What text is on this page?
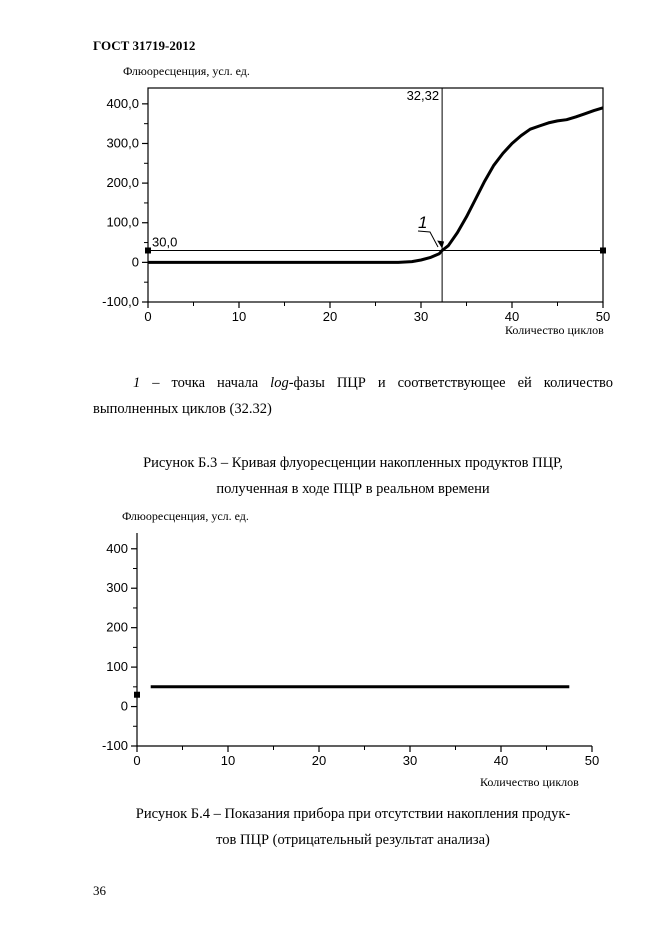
ГОСТ 31719-2012
Флюоресценция, усл. ед.
400,0
300,0
200,0
100,0
0
-100,0
0	10	20	30	40	50
30,0
32,32
1
Количество циклов
1 – точка начала log-фазы ПЦР и соответствующее ей количество выполненных циклов (32.32)
Рисунок Б.3 – Кривая флуоресценции накопленных продуктов ПЦР,
полученная в ходе ПЦР в реальном времени
Флюоресценция, усл. ед.
400
300
200
100
0
-100
0	10	20	30	40	50
Количество циклов
Рисунок Б.4 – Показания прибора при отсутствии накопления продук-
тов ПЦР (отрицательный результат анализа)
36
